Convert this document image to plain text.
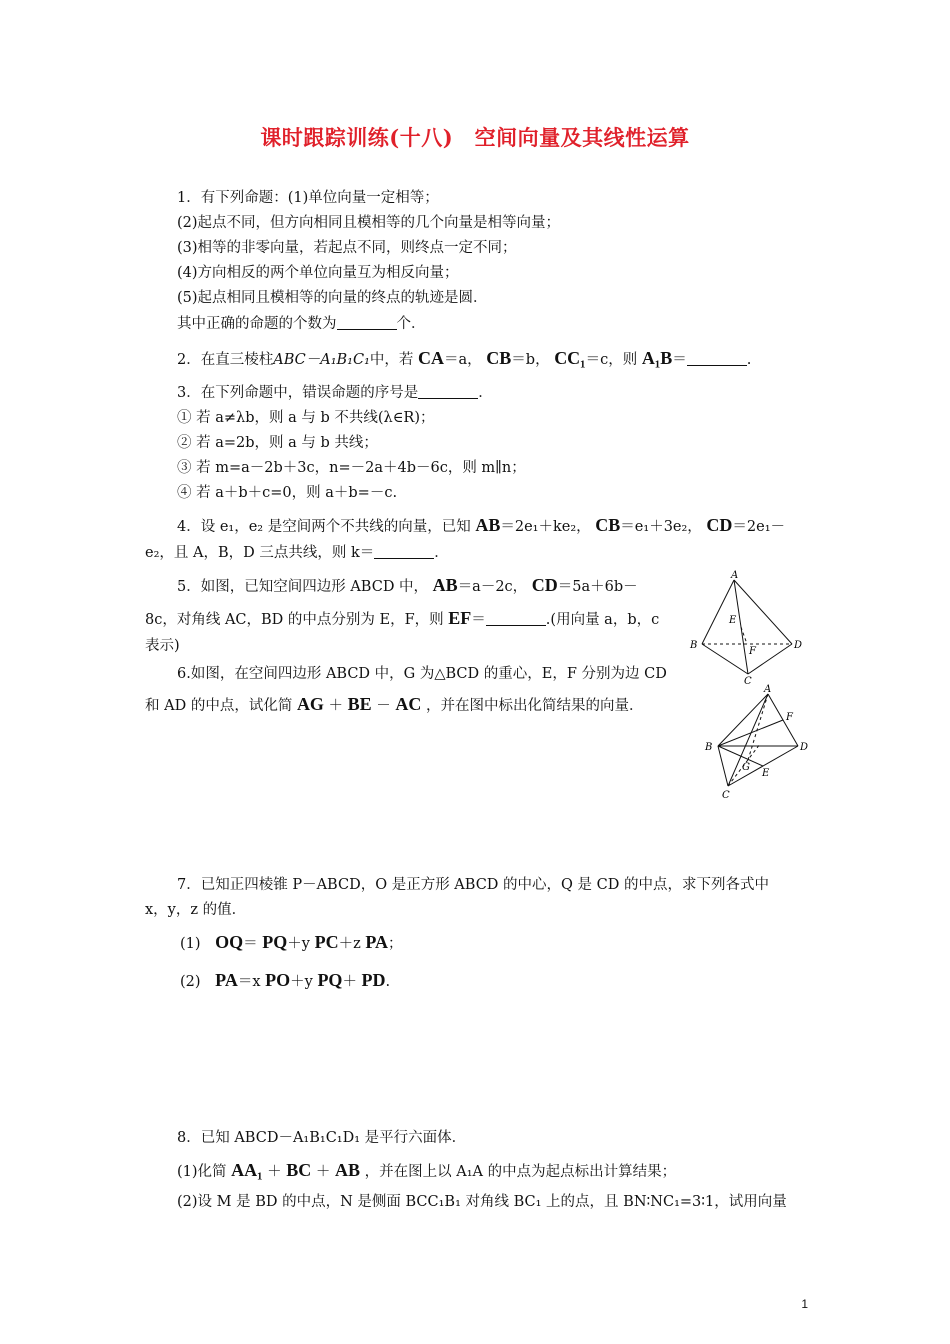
课时跟踪训练(十八)　空间向量及其线性运算
1．有下列命题：(1)单位向量一定相等；
(2)起点不同，但方向相同且模相等的几个向量是相等向量；
(3)相等的非零向量，若起点不同，则终点一定不同；
(4)方向相反的两个单位向量互为相反向量；
(5)起点相同且模相等的向量的终点的轨迹是圆．
其中正确的命题的个数为	个．
2．在直三棱柱ABC－A₁B₁C₁中，若 CA＝a， CB＝b， CC₁＝c，则 A₁B＝	.
3．在下列命题中，错误命题的序号是	．
① 若 a≠λb，则 a 与 b 不共线(λ∈R)；
② 若 a=2b，则 a 与 b 共线；
③ 若 m=a－2b＋3c，n=－2a＋4b－6c，则 m∥n；
④ 若 a＋b＋c=0，则 a＋b=－c.
4．设 e₁，e₂ 是空间两个不共线的向量，已知 AB＝2e₁＋ke₂， CB＝e₁＋3e₂， CD＝2e₁－
e₂，且 A，B，D 三点共线，则 k＝	．
5．如图，已知空间四边形 ABCD 中， AB＝a－2c， CD＝5a＋6b－
8c，对角线 AC，BD 的中点分别为 E，F，则 EF＝	.(用向量 a，b，c
表示)
A
B
C
D
E
F
6.如图，在空间四边形 ABCD 中，G 为△BCD 的重心，E，F 分别为边 CD
和 AD 的中点，试化简 AG ＋ BE － AC ，并在图中标出化简结果的向量．
A
B
C
D
E
F
G
7．已知正四棱锥 P－ABCD，O 是正方形 ABCD 的中心，Q 是 CD 的中点，求下列各式中
x，y，z 的值．
(1) OQ＝ PQ＋y PC＋z PA；
(2) PA＝x PO＋y PQ＋ PD.
8．已知 ABCD－A₁B₁C₁D₁ 是平行六面体．
(1)化简 AA₁ ＋ BC ＋ AB ，并在图上以 A₁A 的中点为起点标出计算结果；
(2)设 M 是 BD 的中点，N 是侧面 BCC₁B₁ 对角线 BC₁ 上的点，且 BN∶NC₁=3∶1，试用向量
1
